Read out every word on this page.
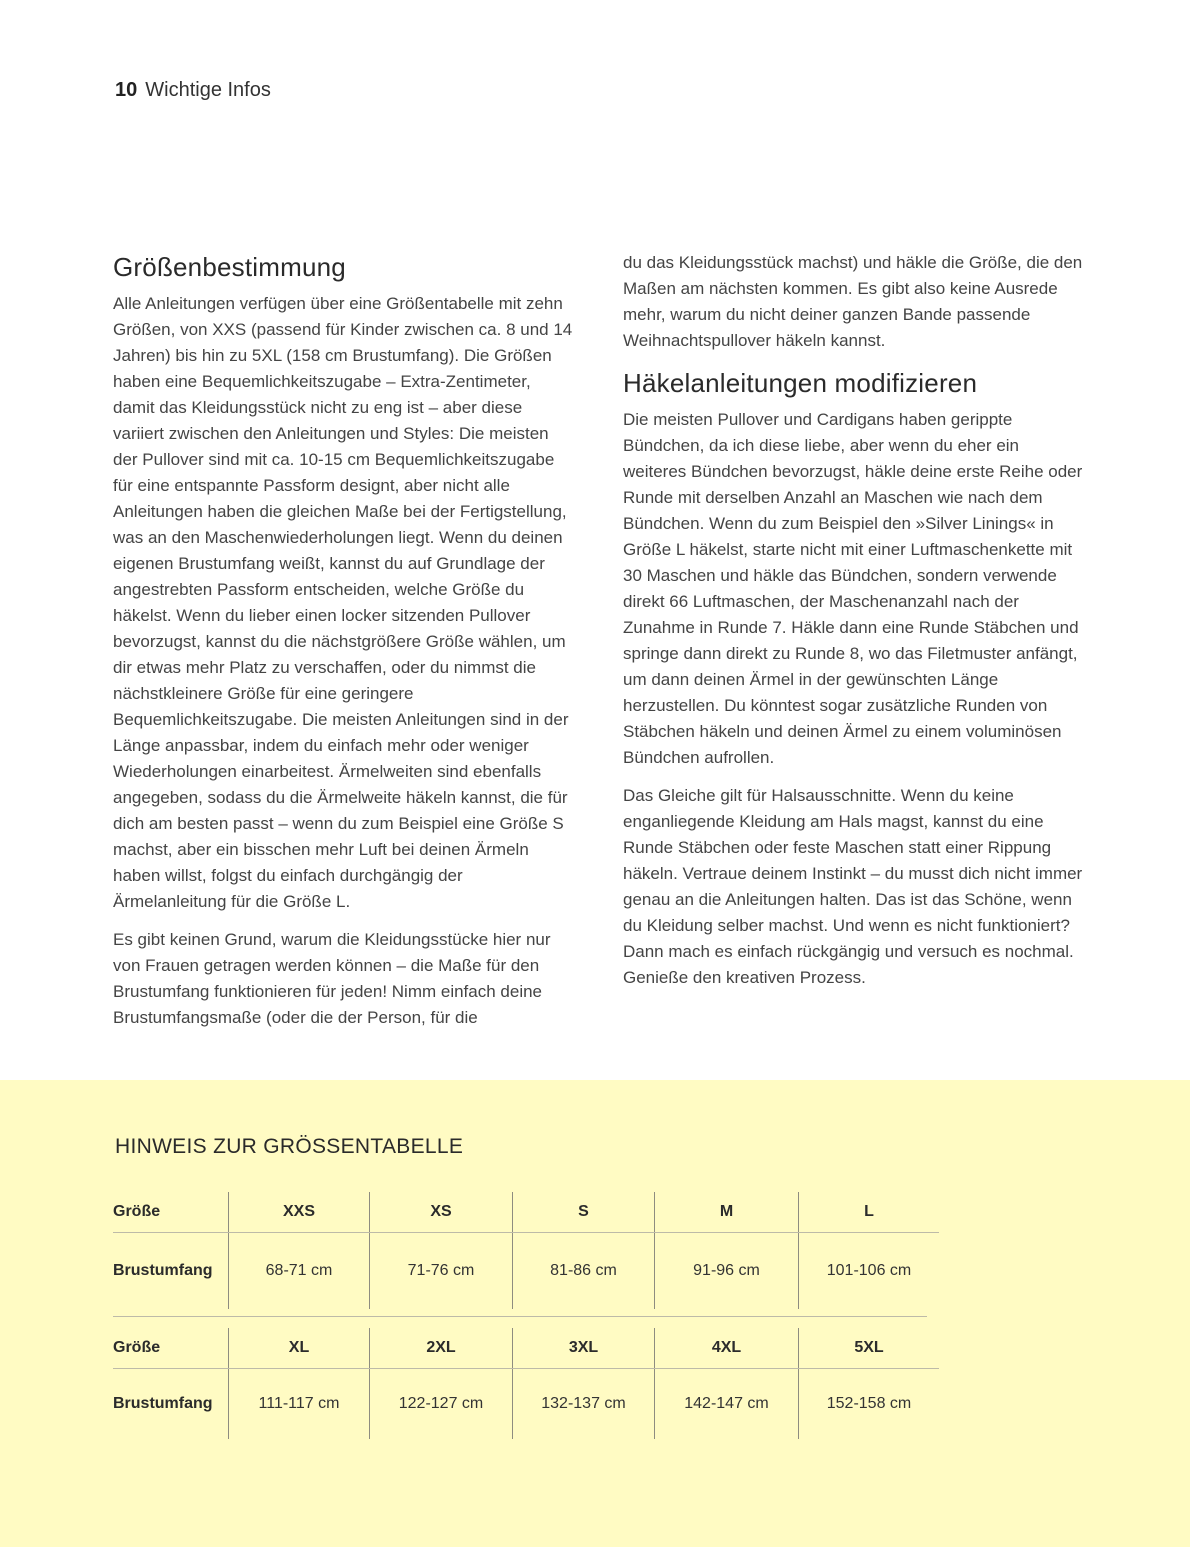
10 Wichtige Infos
Größenbestimmung

Alle Anleitungen verfügen über eine Größentabelle mit zehn Größen, von XXS (passend für Kinder zwischen ca. 8 und 14 Jahren) bis hin zu 5XL (158 cm Brustumfang). Die Größen haben eine Bequemlichkeitszugabe – Extra-Zentimeter, damit das Kleidungsstück nicht zu eng ist – aber diese variiert zwischen den Anleitungen und Styles: Die meisten der Pullover sind mit ca. 10-15 cm Bequemlichkeitszugabe für eine entspannte Passform designt, aber nicht alle Anleitungen haben die gleichen Maße bei der Fertigstellung, was an den Maschenwiederholungen liegt. Wenn du deinen eigenen Brustumfang weißt, kannst du auf Grundlage der angestrebten Passform entscheiden, welche Größe du häkelst. Wenn du lieber einen locker sitzenden Pullover bevorzugst, kannst du die nächstgrößere Größe wählen, um dir etwas mehr Platz zu verschaffen, oder du nimmst die nächstkleinere Größe für eine geringere Bequemlichkeitszugabe. Die meisten Anleitungen sind in der Länge anpassbar, indem du einfach mehr oder weniger Wiederholungen einarbeitest. Ärmelweiten sind ebenfalls angegeben, sodass du die Ärmelweite häkeln kannst, die für dich am besten passt – wenn du zum Beispiel eine Größe S machst, aber ein bisschen mehr Luft bei deinen Ärmeln haben willst, folgst du einfach durchgängig der Ärmelanleitung für die Größe L.

Es gibt keinen Grund, warum die Kleidungsstücke hier nur von Frauen getragen werden können – die Maße für den Brustumfang funktionieren für jeden! Nimm einfach deine Brustumfangsmaße (oder die der Person, für die

du das Kleidungsstück machst) und häkle die Größe, die den Maßen am nächsten kommen. Es gibt also keine Ausrede mehr, warum du nicht deiner ganzen Bande passende Weihnachtspullover häkeln kannst.

Häkelanleitungen modifizieren

Die meisten Pullover und Cardigans haben gerippte Bündchen, da ich diese liebe, aber wenn du eher ein weiteres Bündchen bevorzugst, häkle deine erste Reihe oder Runde mit derselben Anzahl an Maschen wie nach dem Bündchen. Wenn du zum Beispiel den »Silver Linings« in Größe L häkelst, starte nicht mit einer Luftmaschenkette mit 30 Maschen und häkle das Bündchen, sondern verwende direkt 66 Luftmaschen, der Maschenanzahl nach der Zunahme in Runde 7. Häkle dann eine Runde Stäbchen und springe dann direkt zu Runde 8, wo das Filetmuster anfängt, um dann deinen Ärmel in der gewünschten Länge herzustellen. Du könntest sogar zusätzliche Runden von Stäbchen häkeln und deinen Ärmel zu einem voluminösen Bündchen aufrollen.

Das Gleiche gilt für Halsausschnitte. Wenn du keine enganliegende Kleidung am Hals magst, kannst du eine Runde Stäbchen oder feste Maschen statt einer Rippung häkeln. Vertraue deinem Instinkt – du musst dich nicht immer genau an die Anleitungen halten. Das ist das Schöne, wenn du Kleidung selber machst. Und wenn es nicht funktioniert? Dann mach es einfach rückgängig und versuch es nochmal. Genieße den kreativen Prozess.

HINWEIS ZUR GRÖSSENTABELLE
Größe	XXS	XS	S	M	L
Brustumfang	68-71 cm	71-76 cm	81-86 cm	91-96 cm	101-106 cm
Größe	XL	2XL	3XL	4XL	5XL
Brustumfang	111-117 cm	122-127 cm	132-137 cm	142-147 cm	152-158 cm
